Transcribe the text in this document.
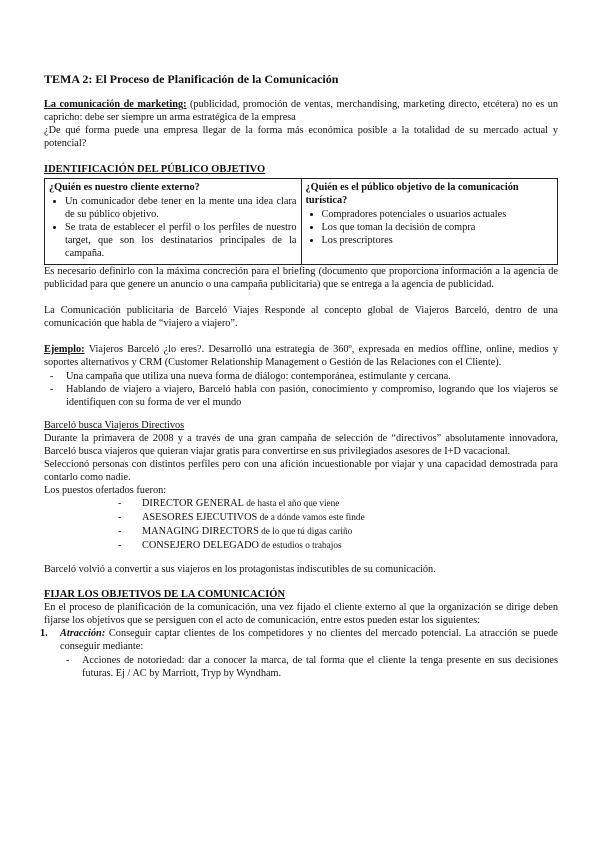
TEMA 2: El Proceso de Planificación de la Comunicación

La comunicación de marketing: (publicidad, promoción de ventas, merchandising, marketing directo, etcétera) no es un capricho: debe ser siempre un arma estratégica de la empresa

¿De qué forma puede una empresa llegar de la forma más económica posible a la totalidad de su mercado actual y potencial?

IDENTIFICACIÓN DEL PÚBLICO OBJETIVO
¿Quién es nuestro cliente externo?
• Un comunicador debe tener en la mente una idea clara de su público objetivo.
• Se trata de establecer el perfil o los perfiles de nuestro target, que son los destinatarios principales de la campaña.

¿Quién es el público objetivo de la comunicación turística?
• Compradores potenciales o usuarios actuales
• Los que toman la decisión de compra
• Los prescriptores

Es necesario definirlo con la máxima concreción para el briefing (documento que proporciona información a la agencia de publicidad para que genere un anuncio o una campaña publicitaria) que se entrega a la agencia de publicidad.

La Comunicación publicitaria de Barceló Viajes Responde al concepto global de Viajeros Barceló, dentro de una comunicación que habla de “viajero a viajero”.

Ejemplo: Viajeros Barceló ¿lo eres?. Desarrolló una estrategia de 360º, expresada en medios offline, online, medios y soportes alternativos y CRM (Customer Relationship Management o Gestión de las Relaciones con el Cliente).

- Una campaña que utiliza una nueva forma de diálogo: contemporánea, estimulante y cercana.
- Hablando de viajero a viajero, Barceló habla con pasión, conocimiento y compromiso, logrando que los viajeros se identifiquen con su forma de ver el mundo
Barceló busca Viajeros Directivos

Durante la primavera de 2008 y a través de una gran campaña de selección de “directivos” absolutamente innovadora, Barceló busca viajeros que quieran viajar gratis para convertirse en sus privilegiados asesores de I+D vacacional.

Seleccionó personas con distintos perfiles pero con una afición incuestionable por viajar y una capacidad demostrada para contarlo como nadie.

Los puestos ofertados fueron:

- DIRECTOR GENERAL de hasta el año que viene
- ASESORES EJECUTIVOS de a dónde vamos este finde
- MANAGING DIRECTORS de lo que tú digas cariño
- CONSEJERO DELEGADO de estudios o trabajos

Barceló volvió a convertir a sus viajeros en los protagonistas indiscutibles de su comunicación.

FIJAR LOS OBJETIVOS DE LA COMUNICACIÓN

En el proceso de planificación de la comunicación, una vez fijado el cliente externo al que la organización se dirige deben fijarse los objetivos que se persiguen con el acto de comunicación, entre estos pueden estar los siguientes:

1. Atracción: Conseguir captar clientes de los competidores y no clientes del mercado potencial. La atracción se puede conseguir mediante:
- Acciones de notoriedad: dar a conocer la marca, de tal forma que el cliente la tenga presente en sus decisiones futuras. Ej / AC by Marriott, Tryp by Wyndham.
